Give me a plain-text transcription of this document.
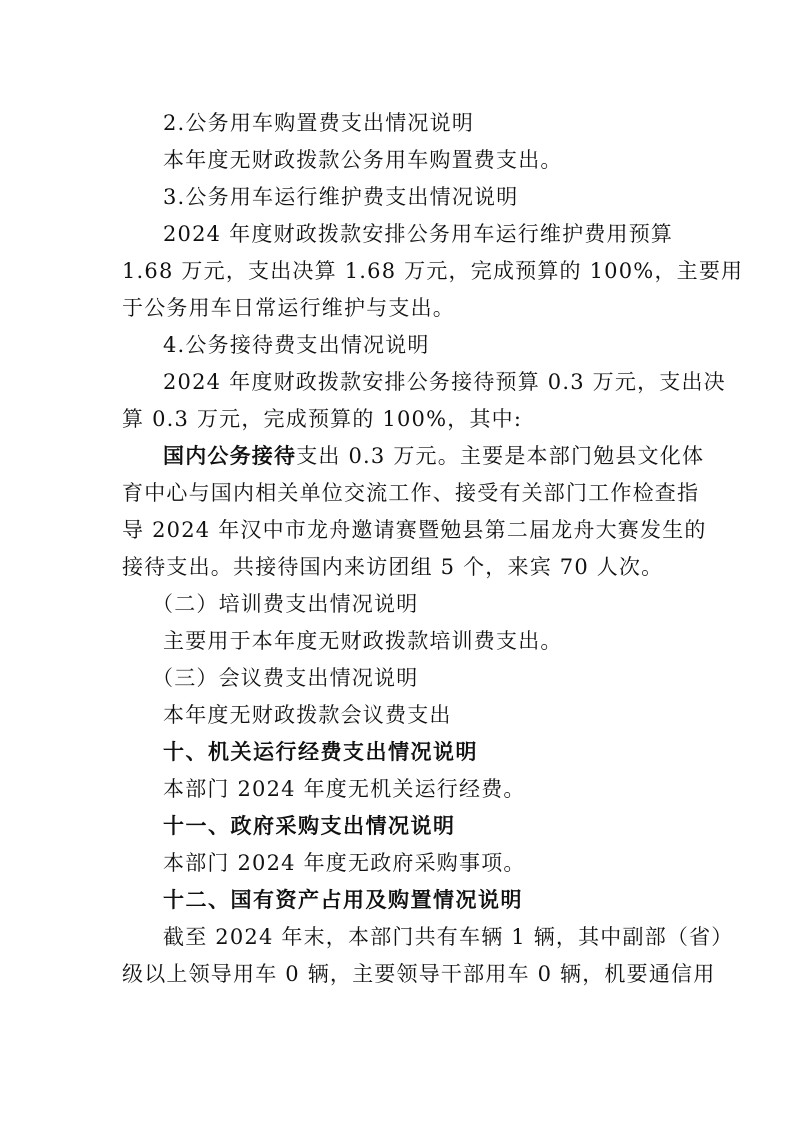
2.公务用车购置费支出情况说明
本年度无财政拨款公务用车购置费支出。
3.公务用车运行维护费支出情况说明
2024 年度财政拨款安排公务用车运行维护费用预算
1.68 万元，支出决算 1.68 万元，完成预算的 100%，主要用
于公务用车日常运行维护与支出。
4.公务接待费支出情况说明
2024 年度财政拨款安排公务接待预算 0.3 万元，支出决
算 0.3 万元，完成预算的 100%，其中:
国内公务接待支出 0.3 万元。主要是本部门勉县文化体
育中心与国内相关单位交流工作、接受有关部门工作检查指
导 2024 年汉中市龙舟邀请赛暨勉县第二届龙舟大赛发生的
接待支出。共接待国内来访团组 5 个，来宾 70 人次。
（二）培训费支出情况说明
主要用于本年度无财政拨款培训费支出。
（三）会议费支出情况说明
本年度无财政拨款会议费支出
十、机关运行经费支出情况说明
本部门 2024 年度无机关运行经费。
十一、政府采购支出情况说明
本部门 2024 年度无政府采购事项。
十二、国有资产占用及购置情况说明
截至 2024 年末，本部门共有车辆 1 辆，其中副部（省）
级以上领导用车 0 辆，主要领导干部用车 0 辆，机要通信用
